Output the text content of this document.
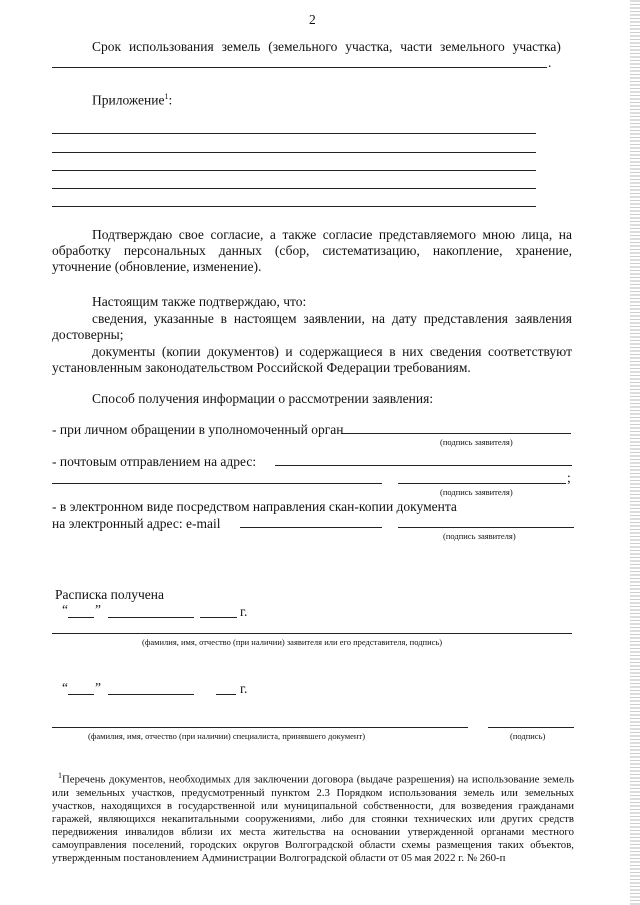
2
Срок использования земель (земельного участка, части земельного участка)
.
Приложение$^1$:
Подтверждаю свое согласие, а также согласие представляемого мною лица, на обработку персональных данных (сбор, систематизацию, накопление, хранение, уточнение (обновление, изменение).
Настоящим также подтверждаю, что:
сведения, указанные в настоящем заявлении, на дату представления заявления достоверны;
документы (копии документов) и содержащиеся в них сведения соответствуют установленным законодательством Российской Федерации требованиям.
Способ получения информации о рассмотрении заявления:
- при личном обращении в уполномоченный орган
(подпись заявителя)
- почтовым отправлением на адрес:
;
(подпись заявителя)
- в электронном виде посредством направления скан-копии документа
на электронный адрес: e-mail
(подпись заявителя)
Расписка получена
“ ”	г.
(фамилия, имя, отчество (при наличии) заявителя или его представителя, подпись)
“ ”	г.
(фамилия, имя, отчество (при наличии) специалиста, принявшего документ)	(подпись)
$^1$Перечень документов, необходимых для заключении договора (выдаче разрешения) на использование земель или земельных участков, предусмотренный пунктом 2.3 Порядком использования земель или земельных участков, находящихся в государственной или муниципальной собственности, для возведения гражданами гаражей, являющихся некапитальными сооружениями, либо для стоянки технических или других средств передвижения инвалидов вблизи их места жительства на основании утвержденной органами местного самоуправления поселений, городских округов Волгоградской области схемы размещения таких объектов, утвержденным постановлением Администрации Волгоградской области от 05 мая 2022 г. № 260-п
